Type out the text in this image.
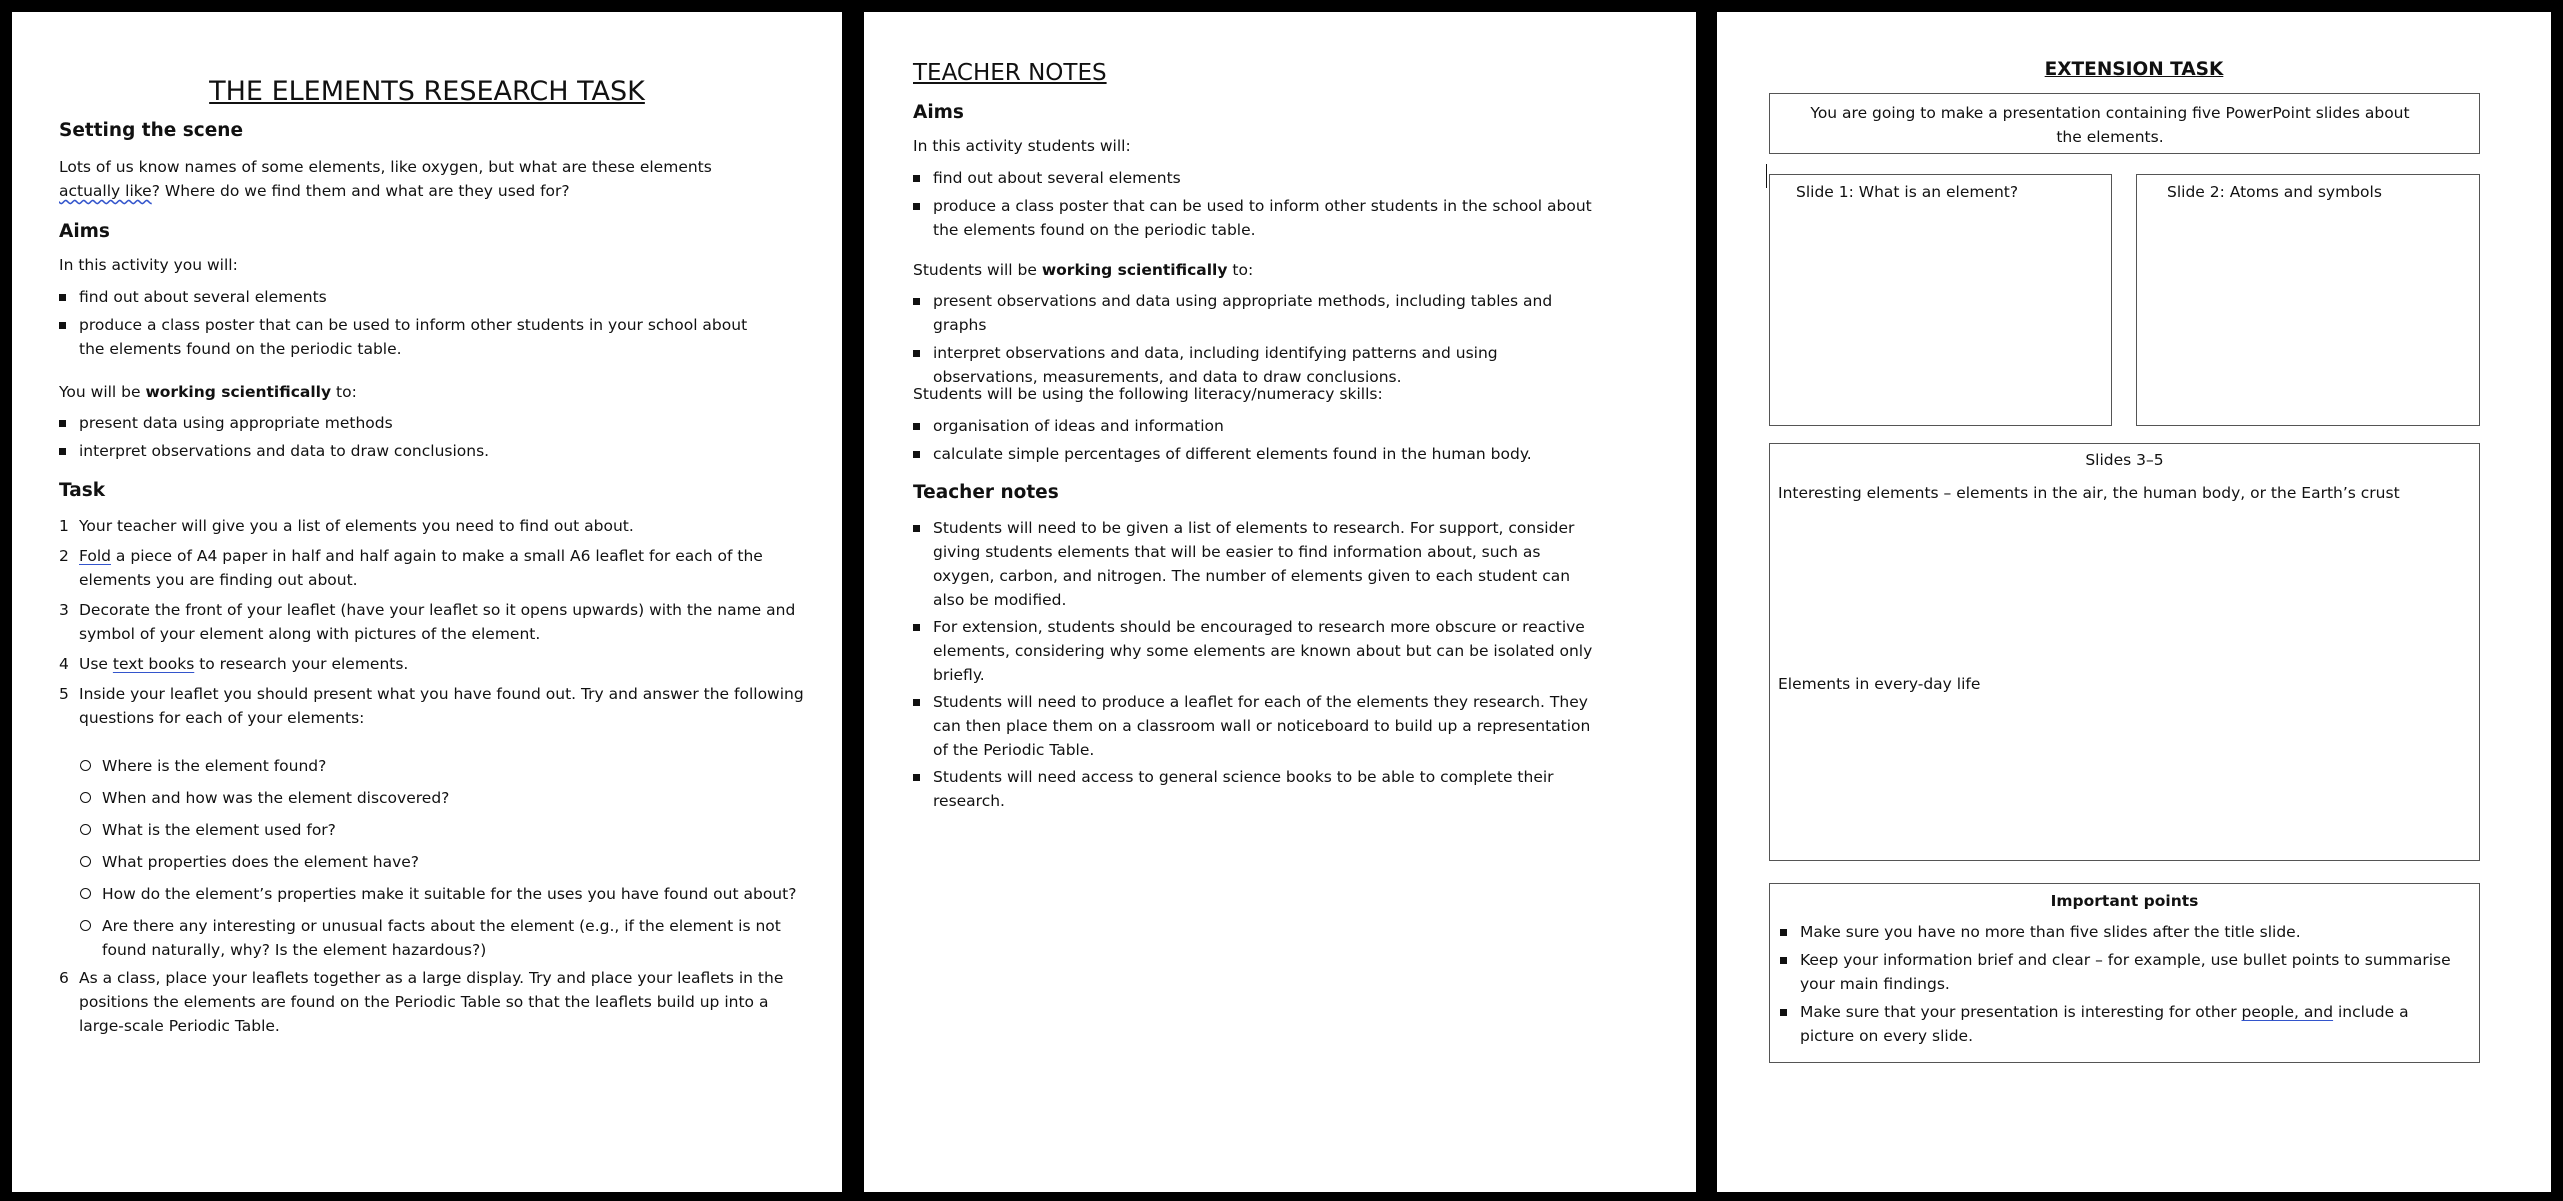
THE ELEMENTS RESEARCH TASK
Setting the scene
Lots of us know names of some elements, like oxygen, but what are these elements
actually like? Where do we find them and what are they used for?
Aims
In this activity you will:
find out about several elements
produce a class poster that can be used to inform other students in your school about the elements found on the periodic table.
You will be working scientifically to:
present data using appropriate methods
interpret observations and data to draw conclusions.
Task
1 Your teacher will give you a list of elements you need to find out about.
2 Fold a piece of A4 paper in half and half again to make a small A6 leaflet for each of the elements you are finding out about.
3 Decorate the front of your leaflet (have your leaflet so it opens upwards) with the name and symbol of your element along with pictures of the element.
4 Use text books to research your elements.
5 Inside your leaflet you should present what you have found out. Try and answer the following questions for each of your elements:
Where is the element found?
When and how was the element discovered?
What is the element used for?
What properties does the element have?
How do the element’s properties make it suitable for the uses you have found out about?
Are there any interesting or unusual facts about the element (e.g., if the element is not found naturally, why? Is the element hazardous?)
6 As a class, place your leaflets together as a large display. Try and place your leaflets in the positions the elements are found on the Periodic Table so that the leaflets build up into a large-scale Periodic Table.
TEACHER NOTES
Aims
In this activity students will:
find out about several elements
produce a class poster that can be used to inform other students in the school about the elements found on the periodic table.
Students will be working scientifically to:
present observations and data using appropriate methods, including tables and graphs
interpret observations and data, including identifying patterns and using observations, measurements, and data to draw conclusions.
Students will be using the following literacy/numeracy skills:
organisation of ideas and information
calculate simple percentages of different elements found in the human body.
Teacher notes
Students will need to be given a list of elements to research. For support, consider giving students elements that will be easier to find information about, such as oxygen, carbon, and nitrogen. The number of elements given to each student can also be modified.
For extension, students should be encouraged to research more obscure or reactive elements, considering why some elements are known about but can be isolated only briefly.
Students will need to produce a leaflet for each of the elements they research. They can then place them on a classroom wall or noticeboard to build up a representation of the Periodic Table.
Students will need access to general science books to be able to complete their research.
EXTENSION TASK
You are going to make a presentation containing five PowerPoint slides about the elements.
Slide 1: What is an element?	Slide 2: Atoms and symbols
Slides 3–5
Interesting elements – elements in the air, the human body, or the Earth’s crust
Elements in every-day life
Important points
Make sure you have no more than five slides after the title slide.
Keep your information brief and clear – for example, use bullet points to summarise your main findings.
Make sure that your presentation is interesting for other people, and include a picture on every slide.
